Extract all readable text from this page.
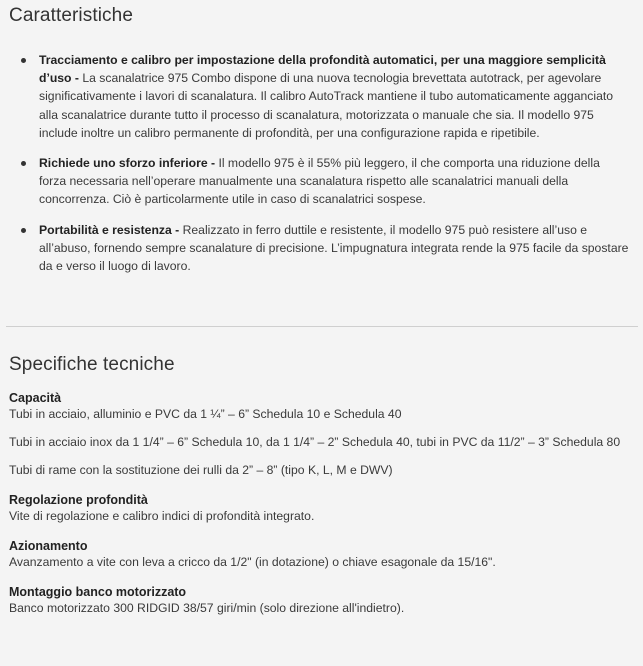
Caratteristiche
Tracciamento e calibro per impostazione della profondità automatici, per una maggiore semplicità d’uso - La scanalatrice 975 Combo dispone di una nuova tecnologia brevettata autotrack, per agevolare significativamente i lavori di scanalatura. Il calibro AutoTrack mantiene il tubo automaticamente agganciato alla scanalatrice durante tutto il processo di scanalatura, motorizzata o manuale che sia. Il modello 975 include inoltre un calibro permanente di profondità, per una configurazione rapida e ripetibile.
Richiede uno sforzo inferiore - Il modello 975 è il 55% più leggero, il che comporta una riduzione della forza necessaria nell’operare manualmente una scanalatura rispetto alle scanalatrici manuali della concorrenza. Ciò è particolarmente utile in caso di scanalatrici sospese.
Portabilità e resistenza - Realizzato in ferro duttile e resistente, il modello 975 può resistere all’uso e all’abuso, fornendo sempre scanalature di precisione. L’impugnatura integrata rende la 975 facile da spostare da e verso il luogo di lavoro.
Specifiche tecniche
Capacità
Tubi in acciaio, alluminio e PVC da 1 ¼” – 6” Schedula 10 e Schedula 40
Tubi in acciaio inox da 1 1/4” – 6” Schedula 10, da 1 1/4” – 2” Schedula 40, tubi in PVC da 11/2” – 3” Schedula 80
Tubi di rame con la sostituzione dei rulli da 2” – 8” (tipo K, L, M e DWV)
Regolazione profondità
Vite di regolazione e calibro indici di profondità integrato.
Azionamento
Avanzamento a vite con leva a cricco da 1/2" (in dotazione) o chiave esagonale da 15/16".
Montaggio banco motorizzato
Banco motorizzato 300 RIDGID 38/57 giri/min (solo direzione all'indietro).
